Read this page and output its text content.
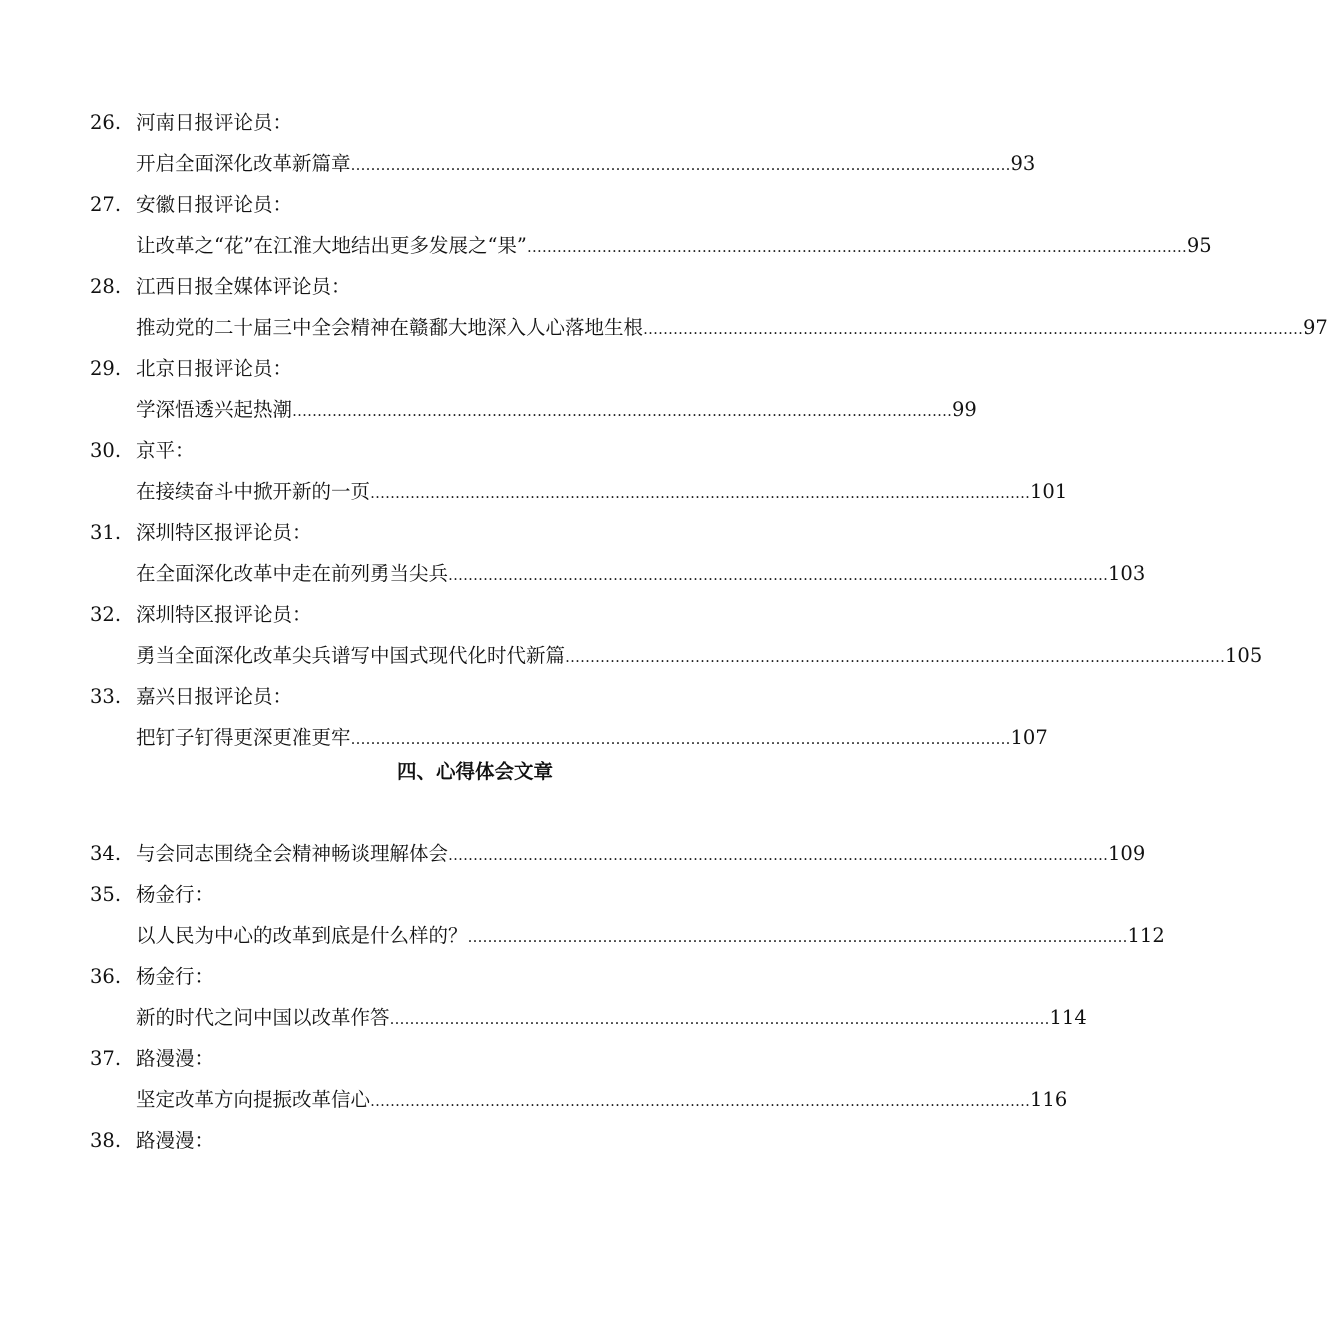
26. 河南日报评论员：
开启全面深化改革新篇章 …………………………………………………………………………………………………………………… 93
27. 安徽日报评论员：
让改革之“花”在江淮大地结出更多发展之“果” …………………………………………………………………………………………………………………… 95
28. 江西日报全媒体评论员：
推动党的二十届三中全会精神在赣鄱大地深入人心落地生根 …………………………………………………………………………………………………………………… 97
29. 北京日报评论员：
学深悟透兴起热潮 …………………………………………………………………………………………………………………… 99
30. 京平：
在接续奋斗中掀开新的一页 …………………………………………………………………………………………………………………… 101
31. 深圳特区报评论员：
在全面深化改革中走在前列勇当尖兵 …………………………………………………………………………………………………………………… 103
32. 深圳特区报评论员：
勇当全面深化改革尖兵谱写中国式现代化时代新篇 …………………………………………………………………………………………………………………… 105
33. 嘉兴日报评论员：
把钉子钉得更深更准更牢 …………………………………………………………………………………………………………………… 107
四、心得体会文章
34. 与会同志围绕全会精神畅谈理解体会 …………………………………………………………………………………………………………………… 109
35. 杨金行：
以人民为中心的改革到底是什么样的？ …………………………………………………………………………………………………………………… 112
36. 杨金行：
新的时代之问中国以改革作答 …………………………………………………………………………………………………………………… 114
37. 路漫漫：
坚定改革方向提振改革信心 …………………………………………………………………………………………………………………… 116
38. 路漫漫：
